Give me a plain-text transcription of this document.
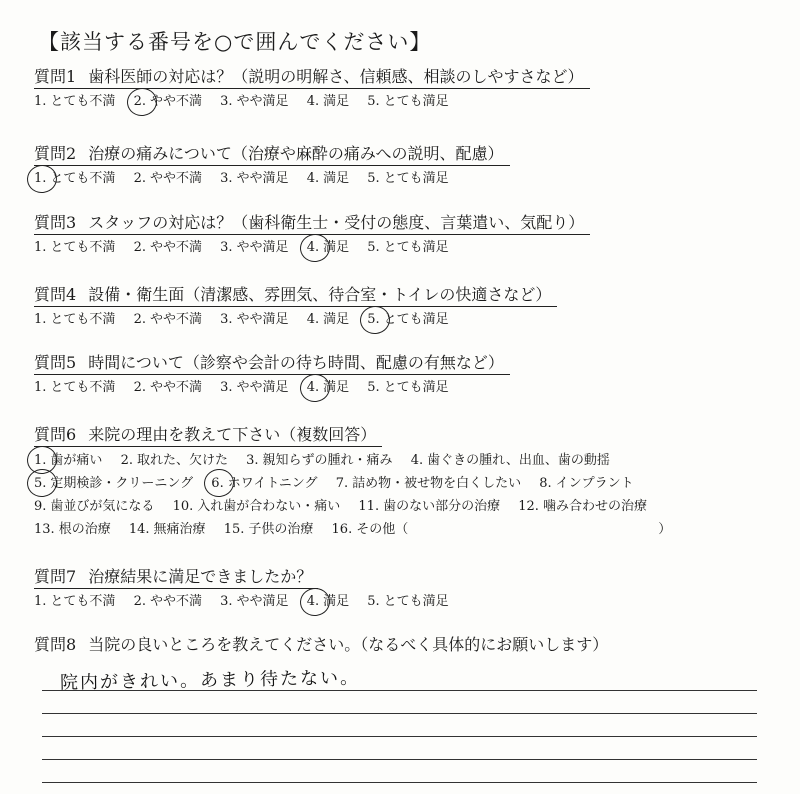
【該当する番号を○で囲んでください】
質問1 歯科医師の対応は？（説明の明解さ、信頼感、相談のしやすさなど）
1. とても不満 2. やや不満 3. やや満足 4. 満足 5. とても満足
質問2 治療の痛みについて（治療や麻酔の痛みへの説明、配慮）
1. とても不満 2. やや不満 3. やや満足 4. 満足 5. とても満足
質問3 スタッフの対応は？（歯科衛生士・受付の態度、言葉遣い、気配り）
1. とても不満 2. やや不満 3. やや満足 4. 満足 5. とても満足
質問4 設備・衛生面（清潔感、雰囲気、待合室・トイレの快適さなど）
1. とても不満 2. やや不満 3. やや満足 4. 満足 5. とても満足
質問5 時間について（診察や会計の待ち時間、配慮の有無など）
1. とても不満 2. やや不満 3. やや満足 4. 満足 5. とても満足
質問6 来院の理由を教えて下さい（複数回答）
1. 歯が痛い 2. 取れた、欠けた 3. 親知らずの腫れ・痛み 4. 歯ぐきの腫れ、出血、歯の動揺
5. 定期検診・クリーニング 6. ホワイトニング 7. 詰め物・被せ物を白くしたい 8. インプラント
9. 歯並びが気になる 10. 入れ歯が合わない・痛い 11. 歯のない部分の治療 12. 噛み合わせの治療
13. 根の治療 14. 無痛治療 15. 子供の治療 16. その他（	）
質問7 治療結果に満足できましたか？
1. とても不満 2. やや不満 3. やや満足 4. 満足 5. とても満足
質問8 当院の良いところを教えてください。（なるべく具体的にお願いします）
院内がきれい。あまり待たない。
